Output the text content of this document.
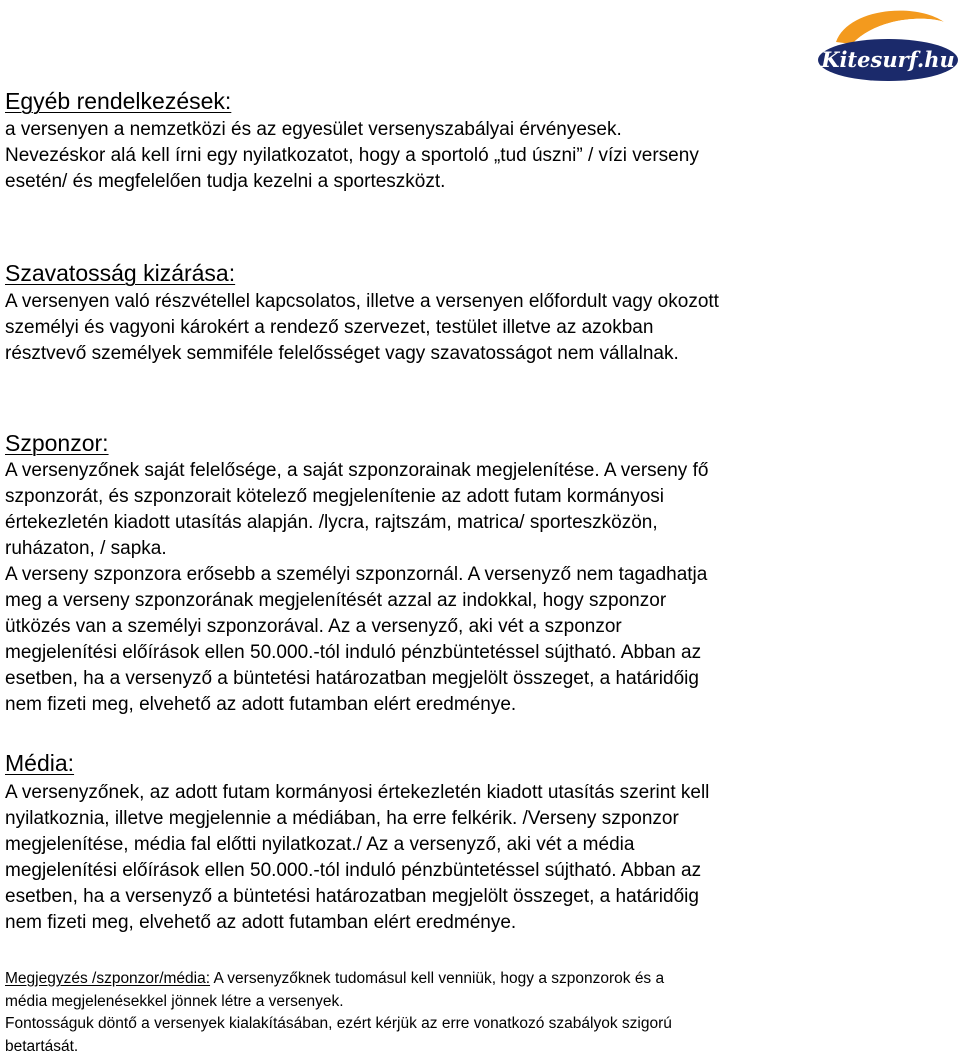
Kitesurf.hu
Egyéb rendelkezések:
a versenyen a nemzetközi és az egyesület versenyszabályai érvényesek.
Nevezéskor alá kell írni egy nyilatkozatot, hogy a sportoló „tud úszni” / vízi verseny
esetén/ és megfelelően tudja kezelni a sporteszközt.
Szavatosság kizárása:
A versenyen való részvétellel kapcsolatos, illetve a versenyen előfordult vagy okozott
személyi és vagyoni károkért a rendező szervezet, testület illetve az azokban
résztvevő személyek semmiféle felelősséget vagy szavatosságot nem vállalnak.
Szponzor:
A versenyzőnek saját felelősége, a saját szponzorainak megjelenítése. A verseny fő
szponzorát, és szponzorait kötelező megjeleníteniе az adott futam kormányosi
értekezletén kiadott utasítás alapján. /lycra, rajtszám, matrica/ sporteszközön,
ruházaton, / sapka.
A verseny szponzora erősebb a személyi szponzornál. A versenyző nem tagadhatja
meg a verseny szponzorának megjelenítését azzal az indokkal, hogy szponzor
ütközés van a személyi szponzorával. Az a versenyző, aki vét a szponzor
megjelenítési előírások ellen 50.000.-tól induló pénzbüntetéssel sújtható. Abban az
esetben, ha a versenyző a büntetési határozatban megjelölt összeget, a határidőig
nem fizeti meg, elvehető az adott futamban elért eredménye.
Média:
A versenyzőnek, az adott futam kormányosi értekezletén kiadott utasítás szerint kell
nyilatkoznia, illetve megjelennie a médiában, ha erre felkérik. /Verseny szponzor
megjelenítése, média fal előtti nyilatkozat./ Az a versenyző, aki vét a média
megjelenítési előírások ellen 50.000.-tól induló pénzbüntetéssel sújtható. Abban az
esetben, ha a versenyző a büntetési határozatban megjelölt összeget, a határidőig
nem fizeti meg, elvehető az adott futamban elért eredménye.
Megjegyzés /szponzor/média: A versenyzőknek tudomásul kell venniük, hogy a szponzorok és a
média megjelenésekkel jönnek létre a versenyek.
Fontosságuk döntő a versenyek kialakításában, ezért kérjük az erre vonatkozó szabályok szigorú
betartását.
